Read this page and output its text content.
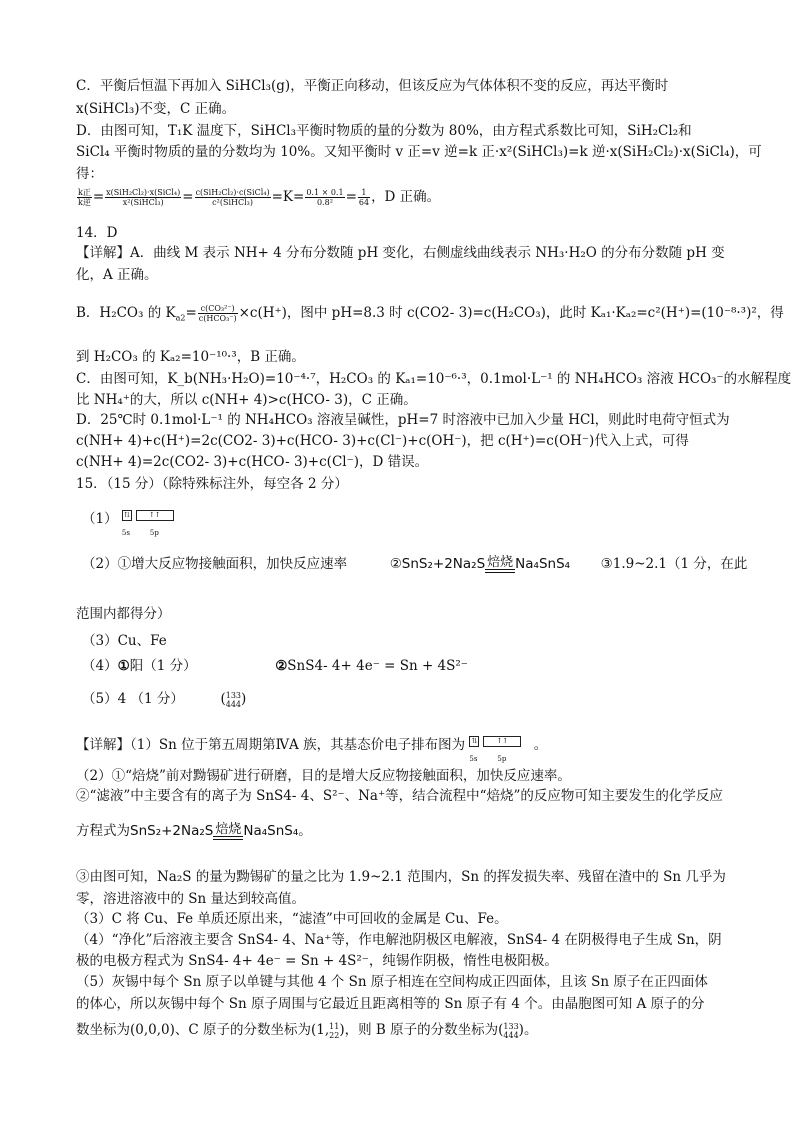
C．平衡后恒温下再加入 SiHCl₃(g)，平衡正向移动，但该反应为气体体积不变的反应，再达平衡时
x(SiHCl₃)不变，C 正确。
D．由图可知，T₁K 温度下，SiHCl₃平衡时物质的量的分数为 80%，由方程式系数比可知，SiH₂Cl₂和
SiCl₄ 平衡时物质的量的分数均为 10%。又知平衡时 v 正=v 逆=k 正·x²(SiHCl₃)=k 逆·x(SiH₂Cl₂)·x(SiCl₄)，可
得：
$\frac{\text{k正}}{\text{k逆}} = \frac{\text{x(SiH₂Cl₂)·x(SiCl₄)}}{\text{x²(SiHCl₃)}} = \frac{\text{c(SiH₂Cl₂)·c(SiCl₄)}}{\text{c²(SiHCl₃)}} =K= \frac{0.1 \times 0.1}{\text{0.8²}} = \frac{1}{64}$ ，D 正确。
14．D
【详解】A．曲线 M 表示 NH+ 4 分布分数随 pH 变化，右侧虚线曲线表示 NH₃·H₂O 的分布分数随 pH 变
化，A 正确。
B．H₂CO₃ 的 $K_{a2}= \frac{\text{c(CO₃²⁻)}}{\text{c(HCO₃⁻)}} \times c(H^+)$，图中 pH=8.3 时 c(CO2- 3)=c(H₂CO₃)，此时 Kₐ₁·Kₐ₂=c²(H⁺)=(10⁻⁸·³)²，得
到 H₂CO₃ 的 Kₐ₂=10⁻¹⁰·³，B 正确。
C．由图可知，K_b(NH₃·H₂O)=10⁻⁴·⁷，H₂CO₃ 的 Kₐ₁=10⁻⁶·³，0.1mol·L⁻¹ 的 NH₄HCO₃ 溶液 HCO₃⁻的水解程度
比 NH₄⁺的大，所以 c(NH+ 4)>c(HCO- 3)，C 正确。
D．25℃时 0.1mol·L⁻¹ 的 NH₄HCO₃ 溶液呈碱性，pH=7 时溶液中已加入少量 HCl，则此时电荷守恒式为
c(NH+ 4)+c(H⁺)=2c(CO2- 3)+c(HCO- 3)+c(Cl⁻)+c(OH⁻)，把 c(H⁺)=c(OH⁻)代入上式，可得
c(NH+ 4)=2c(CO2- 3)+c(HCO- 3)+c(Cl⁻)，D 错误。
15．（15 分）（除特殊标注外，每空各 2 分）
（1） ⇅	↑↑
5s	5p
（2）①增大反应物接触面积，加快反应速率	②SnS₂+2Na₂S 焙烧 Na₄SnS₄ ③1.9~2.1（1 分，在此
范围内都得分）
（3）Cu、Fe
（4）①阳（1 分）	②SnS4- 4+ 4e⁻ = Sn + 4S²⁻
（5）4 （1 分）  ( 1
4
3
4
3
4 )
【详解】（1）Sn 位于第五周期第ⅣA 族，其基态价电子排布图为 ⇅	↑↑
5s	5p
。
（2）①“焙烧”前对黝锡矿进行研磨，目的是增大反应物接触面积，加快反应速率。
②“滤液”中主要含有的离子为 SnS4- 4、S²⁻、Na⁺等，结合流程中“焙烧”的反应物可知主要发生的化学反应
方程式为SnS₂+2Na₂S 焙烧 Na₄SnS₄。
③由图可知，Na₂S 的量为黝锡矿的量之比为 1.9~2.1 范围内，Sn 的挥发损失率、残留在渣中的 Sn 几乎为
零，溶进溶液中的 Sn 量达到较高值。
（3）C 将 Cu、Fe 单质还原出来，“滤渣”中可回收的金属是 Cu、Fe。
（4）“净化”后溶液主要含 SnS4- 4、Na⁺等，作电解池阴极区电解液，SnS4- 4 在阴极得电子生成 Sn，阴
极的电极方程式为 SnS4- 4+ 4e⁻ = Sn + 4S²⁻，纯锡作阴极，惰性电极阳极。
（5）灰锡中每个 Sn 原子以单键与其他 4 个 Sn 原子相连在空间构成正四面体，且该 Sn 原子在正四面体
的体心，所以灰锡中每个 Sn 原子周围与它最近且距离相等的 Sn 原子有 4 个。由晶胞图可知 A 原子的分
数坐标为(0,0,0)、C 原子的分数坐标为(1, 1
2
1
2 )，则 B 原子的分数坐标为( 1
4
3
4
3
4 )。
